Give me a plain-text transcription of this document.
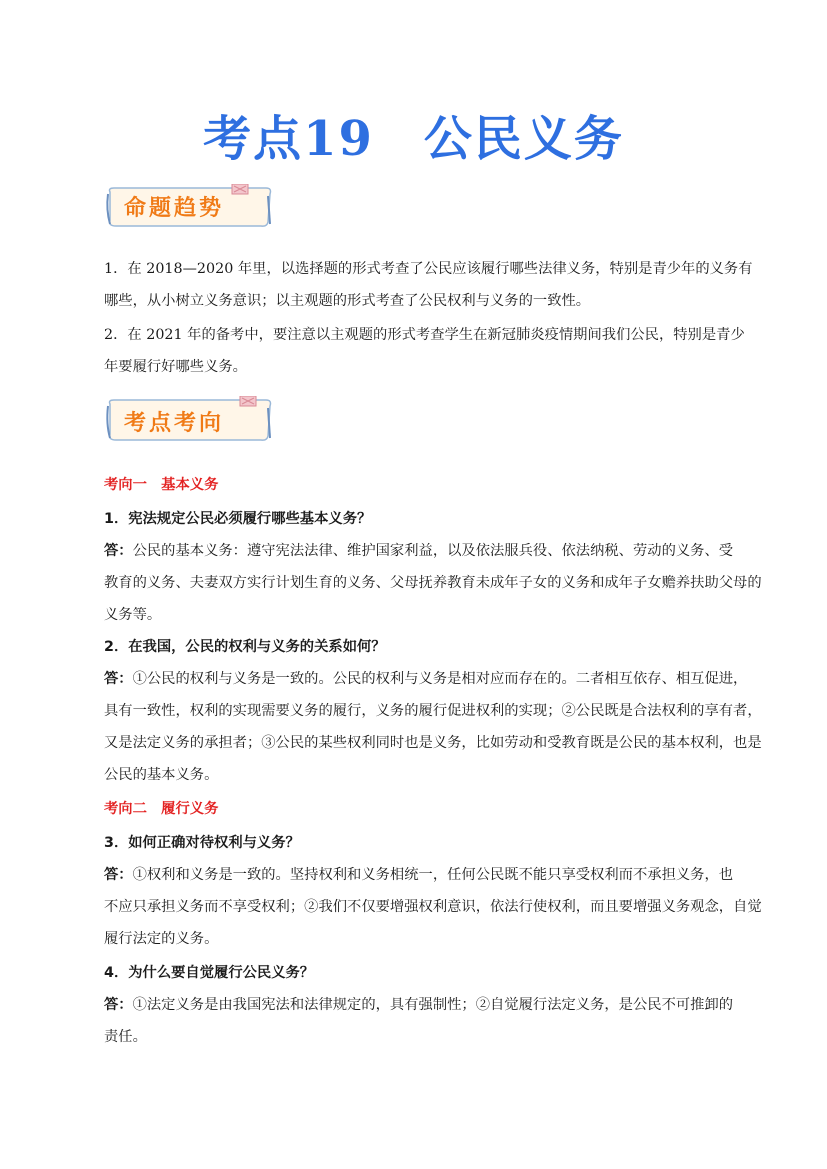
考点19　公民义务
命题趋势
1．在 2018—2020 年里，以选择题的形式考查了公民应该履行哪些法律义务，特别是青少年的义务有
哪些，从小树立义务意识；以主观题的形式考查了公民权利与义务的一致性。
2．在 2021 年的备考中，要注意以主观题的形式考查学生在新冠肺炎疫情期间我们公民，特别是青少
年要履行好哪些义务。
考点考向
考向一　基本义务
1．宪法规定公民必须履行哪些基本义务？
答：公民的基本义务：遵守宪法法律、维护国家利益，以及依法服兵役、依法纳税、劳动的义务、受
教育的义务、夫妻双方实行计划生育的义务、父母抚养教育未成年子女的义务和成年子女赡养扶助父母的
义务等。
2．在我国，公民的权利与义务的关系如何？
答：①公民的权利与义务是一致的。公民的权利与义务是相对应而存在的。二者相互依存、相互促进，
具有一致性，权利的实现需要义务的履行，义务的履行促进权利的实现；②公民既是合法权利的享有者，
又是法定义务的承担者；③公民的某些权利同时也是义务，比如劳动和受教育既是公民的基本权利，也是
公民的基本义务。
考向二　履行义务
3．如何正确对待权利与义务？
答：①权利和义务是一致的。坚持权利和义务相统一，任何公民既不能只享受权利而不承担义务，也
不应只承担义务而不享受权利；②我们不仅要增强权利意识，依法行使权利，而且要增强义务观念，自觉
履行法定的义务。
4．为什么要自觉履行公民义务？
答：①法定义务是由我国宪法和法律规定的，具有强制性；②自觉履行法定义务，是公民不可推卸的
责任。
